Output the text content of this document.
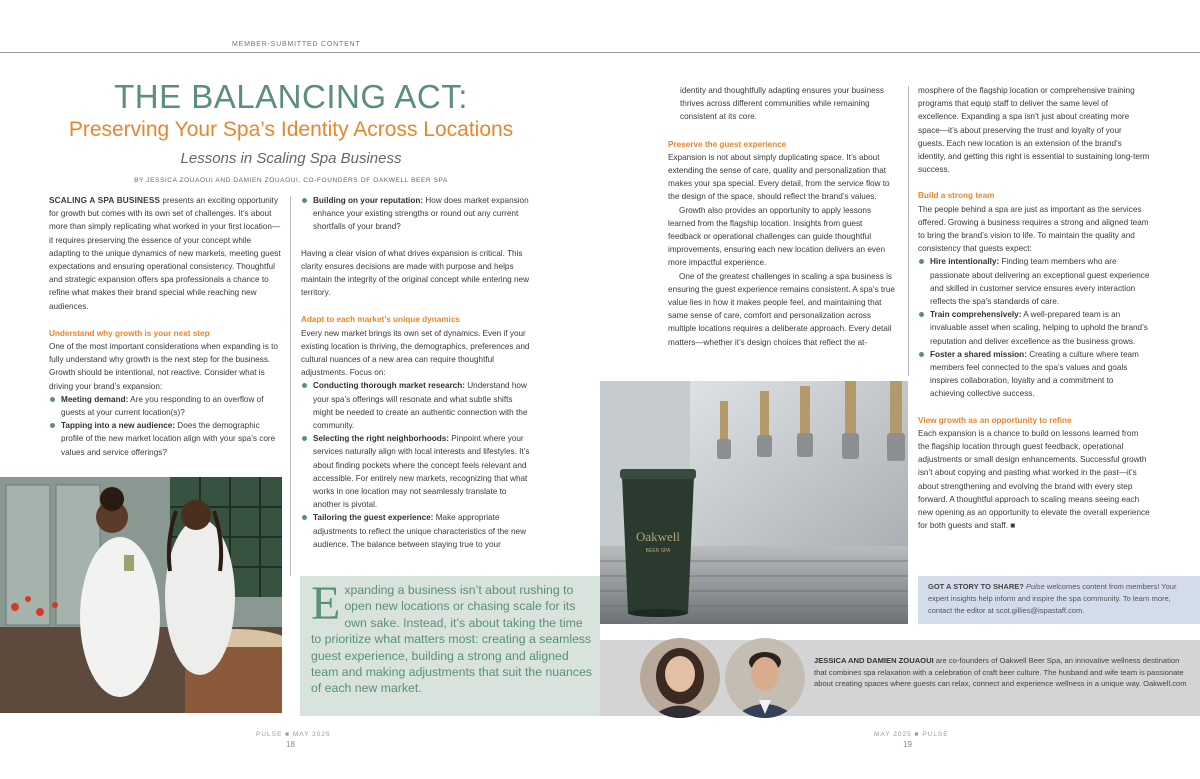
MEMBER-SUBMITTED CONTENT
THE BALANCING ACT:
Preserving Your Spa’s Identity Across Locations
Lessons in Scaling Spa Business
BY JESSICA ZOUAOUI AND DAMIEN ZOUAOUI, CO-FOUNDERS OF OAKWELL BEER SPA

SCALING A SPA BUSINESS presents an exciting opportunity for growth but comes with its own set of challenges. It’s about more than simply replicating what worked in your first location—it requires preserving the essence of your concept while adapting to the unique dynamics of new markets, meeting guest expectations and ensuring operational consistency. Thoughtful and strategic expansion offers spa professionals a chance to refine what makes their brand special while reaching new audiences.

Understand why growth is your next step

One of the most important considerations when expanding is to fully understand why growth is the next step for the business. Growth should be intentional, not reactive. Consider what is driving your brand’s expansion:

Meeting demand: Are you responding to an overflow of guests at your current location(s)?
Tapping into a new audience: Does the demographic profile of the new market location align with your spa’s core values and service offerings?
Building on your reputation: How does market expansion enhance your existing strengths or round out any current shortfalls of your brand?

Having a clear vision of what drives expansion is critical. This clarity ensures decisions are made with purpose and helps maintain the integrity of the original concept while entering new territory.

Adapt to each market’s unique dynamics

Every new market brings its own set of dynamics. Even if your existing location is thriving, the demographics, preferences and cultural nuances of a new area can require thoughtful adjustments. Focus on:

Conducting thorough market research: Understand how your spa’s offerings will resonate and what subtle shifts might be needed to create an authentic connection with the community.
Selecting the right neighborhoods: Pinpoint where your services naturally align with local interests and lifestyles. It’s about finding pockets where the concept feels relevant and accessible. For entirely new markets, recognizing that what works in one location may not seamlessly translate to another is pivotal.
Tailoring the guest experience: Make appropriate adjustments to reflect the unique characteristics of the new audience. The balance between staying true to your
Expanding a business isn’t about rushing to open new locations or chasing scale for its own sake. Instead, it’s about taking the time to prioritize what matters most: creating a seamless guest experience, building a strong and aligned team and making adjustments that suit the nuances of each new market.

identity and thoughtfully adapting ensures your business thrives across different communities while remaining consistent at its core.

Preserve the guest experience

Expansion is not about simply duplicating space. It’s about extending the sense of care, quality and personalization that makes your spa special. Every detail, from the service flow to the design of the space, should reflect the brand’s values.

Growth also provides an opportunity to apply lessons learned from the flagship location. Insights from guest feedback or operational challenges can guide thoughtful improvements, ensuring each new location delivers an even more impactful experience.

One of the greatest challenges in scaling a spa business is ensuring the guest experience remains consistent. A spa’s true value lies in how it makes people feel, and maintaining that same sense of care, comfort and personalization across multiple locations requires a deliberate approach. Every detail matters—whether it’s design choices that reflect the at-

mosphere of the flagship location or comprehensive training programs that equip staff to deliver the same level of excellence. Expanding a spa isn’t just about creating more space—it’s about preserving the trust and loyalty of your guests. Each new location is an extension of the brand’s identity, and getting this right is essential to sustaining long-term success.

Build a strong team

The people behind a spa are just as important as the services offered. Growing a business requires a strong and aligned team to bring the brand’s vision to life. To maintain the quality and consistency that guests expect:

Hire intentionally: Finding team members who are passionate about delivering an exceptional guest experience and skilled in customer service ensures every interaction reflects the spa’s standards of care.
Train comprehensively: A well-prepared team is an invaluable asset when scaling, helping to uphold the brand’s reputation and deliver excellence as the business grows.
Foster a shared mission: Creating a culture where team members feel connected to the spa’s values and goals inspires collaboration, loyalty and a commitment to achieving collective success.
View growth as an opportunity to refine

Each expansion is a chance to build on lessons learned from the flagship location through guest feedback, operational adjustments or small design enhancements. Successful growth isn’t about copying and pasting what worked in the past—it’s about strengthening and evolving the brand with every step forward. A thoughtful approach to scaling means seeing each new opening as an opportunity to elevate the overall experience for both guests and staff. ■

Oakwell
BEER SPA

GOT A STORY TO SHARE? Pulse welcomes content from members! Your expert insights help inform and inspire the spa community. To learn more, contact the editor at scot.gillies@ispastaff.com.

JESSICA AND DAMIEN ZOUAOUI are co-founders of Oakwell Beer Spa, an innovative wellness destination that combines spa relaxation with a celebration of craft beer culture. The husband and wife team is passionate about creating spaces where guests can relax, connect and experience wellness in a unique way. Oakwell.com

PULSE ■ MAY 2025
18
MAY 2025 ■ PULSE
19
